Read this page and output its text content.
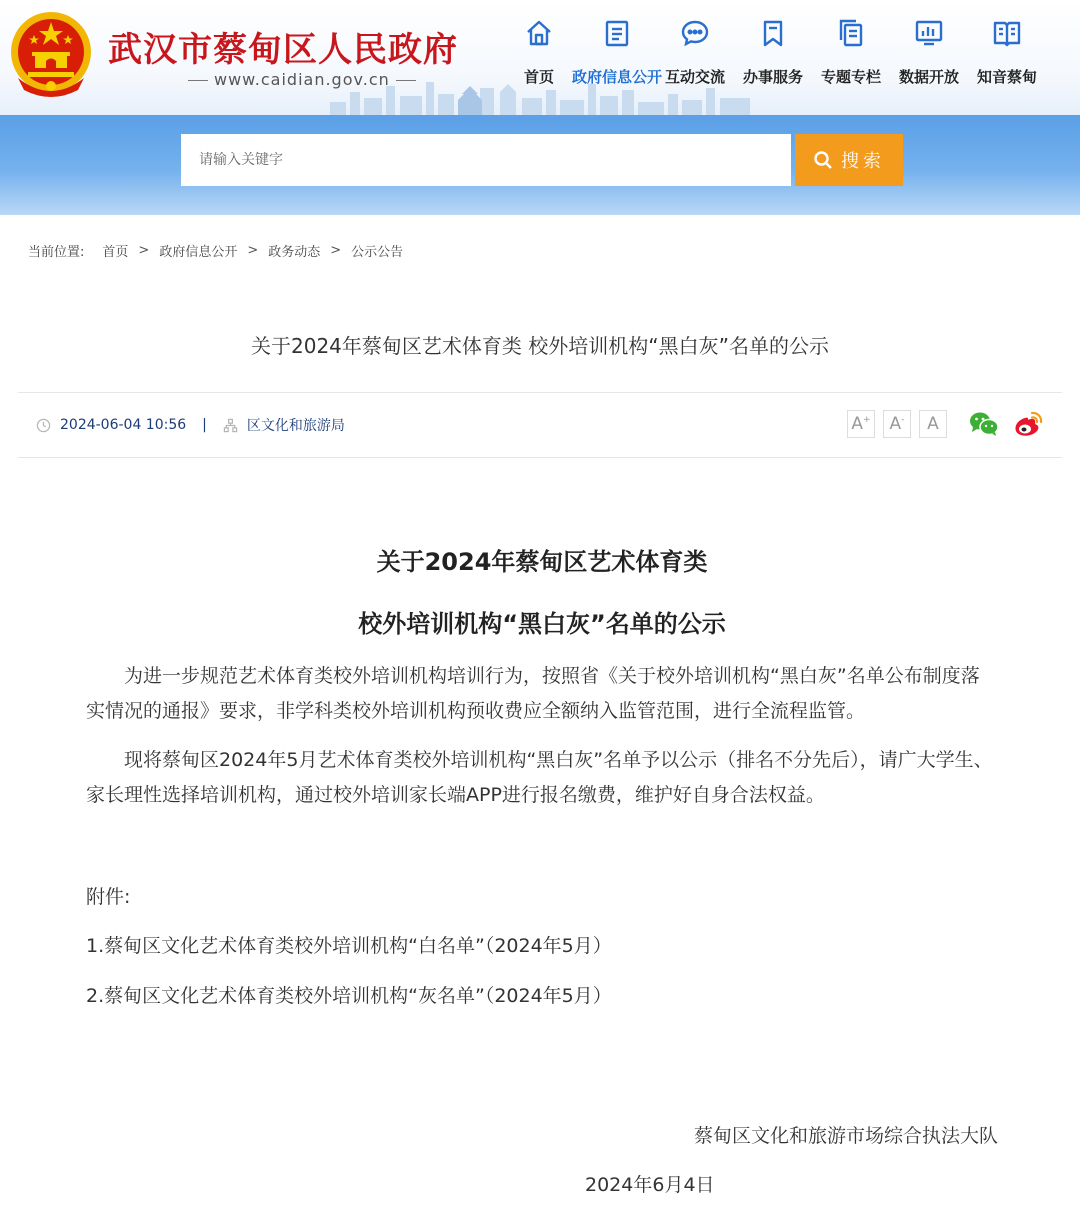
武汉市蔡甸区人民政府
www.caidian.gov.cn	首页 政府信息公开 互动交流 办事服务 专题专栏 数据开放 知音蔡甸
请输入关键字
搜索
当前位置: 首页 > 政府信息公开 > 政务动态 > 公示公告
关于2024年蔡甸区艺术体育类 校外培训机构“黑白灰”名单的公示
2024-06-04 10:56 |	区文化和旅游局	A+ A- A
关于2024年蔡甸区艺术体育类
校外培训机构“黑白灰”名单的公示
为进一步规范艺术体育类校外培训机构培训行为，按照省《关于校外培训机构“黑白灰”名单公布制度落实情况的通报》要求，非学科类校外培训机构预收费应全额纳入监管范围，进行全流程监管。
现将蔡甸区2024年5月艺术体育类校外培训机构“黑白灰”名单予以公示（排名不分先后），请广大学生、家长理性选择培训机构，通过校外培训家长端APP进行报名缴费，维护好自身合法权益。
附件:
1.蔡甸区文化艺术体育类校外培训机构“白名单”（2024年5月）
2.蔡甸区文化艺术体育类校外培训机构“灰名单”（2024年5月）
蔡甸区文化和旅游市场综合执法大队
2024年6月4日
